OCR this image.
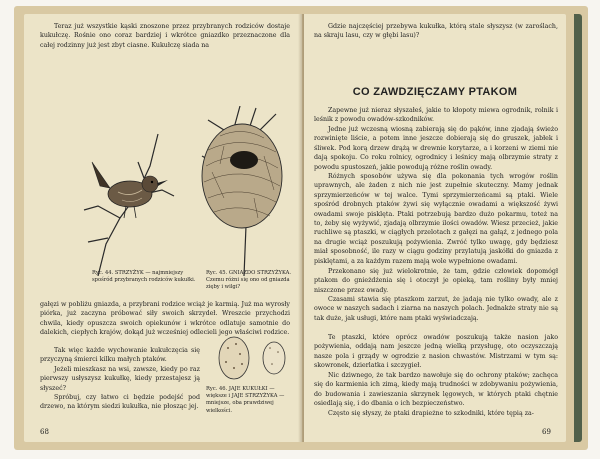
Teraz już wszystkie kąski znoszone przez przybranych rodziców dostaje kukułczę. Rośnie ono coraz bardziej i wkrótce gniazdko przeznaczone dla całej rodzinny już jest zbyt ciasne. Kukułczę siada na

Ryc. 44. STRZYŻYK — najmniejszy spośród przybranych rodziców kukułki.

Ryc. 45. GNIAZDO STRZYŻYKA. Czemu różni się ono od gniazda zięby i wilgi?

gałęzi w pobliżu gniazda, a przybrani rodzice wciąż je karmią. Już ma wyrosły piórka, już zaczyna próbować siły swoich skrzydeł. Wreszcie przychodzi chwila, kiedy opuszcza swoich opiekunów i wkrótce odlatuje samotnie do dalekich, ciepłych krajów, dokąd już wcześniej odlecieli jego właściwi rodzice.

Tak więc każde wychowanie kukułczęcia się przyczyną śmierci kilku małych ptaków.

Jeżeli mieszkasz na wsi, zawsze, kiedy po raz pierwszy usłyszysz kukułkę, kiedy przestajesz ją słyszeć?

Spróbuj, czy łatwo ci będzie podejść pod drzewo, na którym siedzi kukułka, nie płosząc jej.

Ryc. 46. JAJE KUKUŁKI — większe i JAJE STRZYŻYKA — mniejsze, oba prawdziwej wielkości.

68

Gdzie najczęściej przebywa kukułka, którą stale słyszysz (w zaroślach, na skraju lasu, czy w głębi lasu)?

CO ZAWDZIĘCZAMY PTAKOM

Zapewne już nieraz słyszałeś, jakie to kłopoty miewa ogrodnik, rolnik i leśnik z powodu owadów-szkodników.

Jedne już wczesną wiosną zabierają się do pąków, inne zjadają świeżo rozwinięte liście, a potem inne jeszcze dobierają się do gruszek, jabłek i śliwek. Pod korą drzew drążą w drewnie korytarze, a i korzeni w ziemi nie dają spokoju. Co roku rolnicy, ogrodnicy i leśnicy mają olbrzymie straty z powodu spustoszeń, jakie powodują różne roślin owady.

Różnych sposobów używa się dla pokonania tych wrogów roślin uprawnych, ale żaden z nich nie jest zupełnie skuteczny. Mamy jednak sprzymierzeńców w tej walce. Tymi sprzymierzeńcami są ptaki. Wiele spośród drobnych ptaków żywi się wyłącznie owadami a większość żywi owadami swoje pisklęta. Ptaki potrzebują bardzo dużo pokarmu, toteż na to, żeby się wyżywić, zjadają olbrzymie ilości owadów. Wiesz przecież, jakie ruchliwe są ptaszki, w ciągłych przelotach z gałęzi na gałąź, z jednego pola na drugie wciąż poszukują pożywienia. Zwróć tylko uwagę, gdy będziesz miał sposobność, ile razy w ciągu godziny przylatują jaskółki do gniazda z pisklętami, a za każdym razem mają wole wypełnione owadami.

Przekonano się już wielokrotnie, że tam, gdzie człowiek dopomógł ptakom do gnieżdżenia się i otoczył je opieką, tam rośliny były mniej niszczone przez owady.

Czasami stawia się ptaszkom zarzut, że jadają nie tylko owady, ale z owoce w naszych sadach i ziarna na naszych polach. Jednakże straty nie są tak duże, jak usługi, które nam ptaki wyświadczają.

Te ptaszki, które oprócz owadów poszukują także nasion jako pożywienia, oddają nam jeszcze jedną wielką przysługę, oto oczyszczają nasze pola i grządy w ogrodzie z nasion chwastów. Mistrzami w tym są: skowronek, dzierlatka i szczygieł.

Nic dziwnego, że tak bardzo nawołuje się do ochrony ptaków; zachęca się do karmienia ich zimą, kiedy mają trudności w zdobywaniu pożywienia, do budowania i zawieszania skrzynek lęgowych, w których ptaki chętnie osiedlają się, i do dbania o ich bezpieczeństwo.

Często się słyszy, że ptaki drapieżne to szkodniki, które tępią za-

69
